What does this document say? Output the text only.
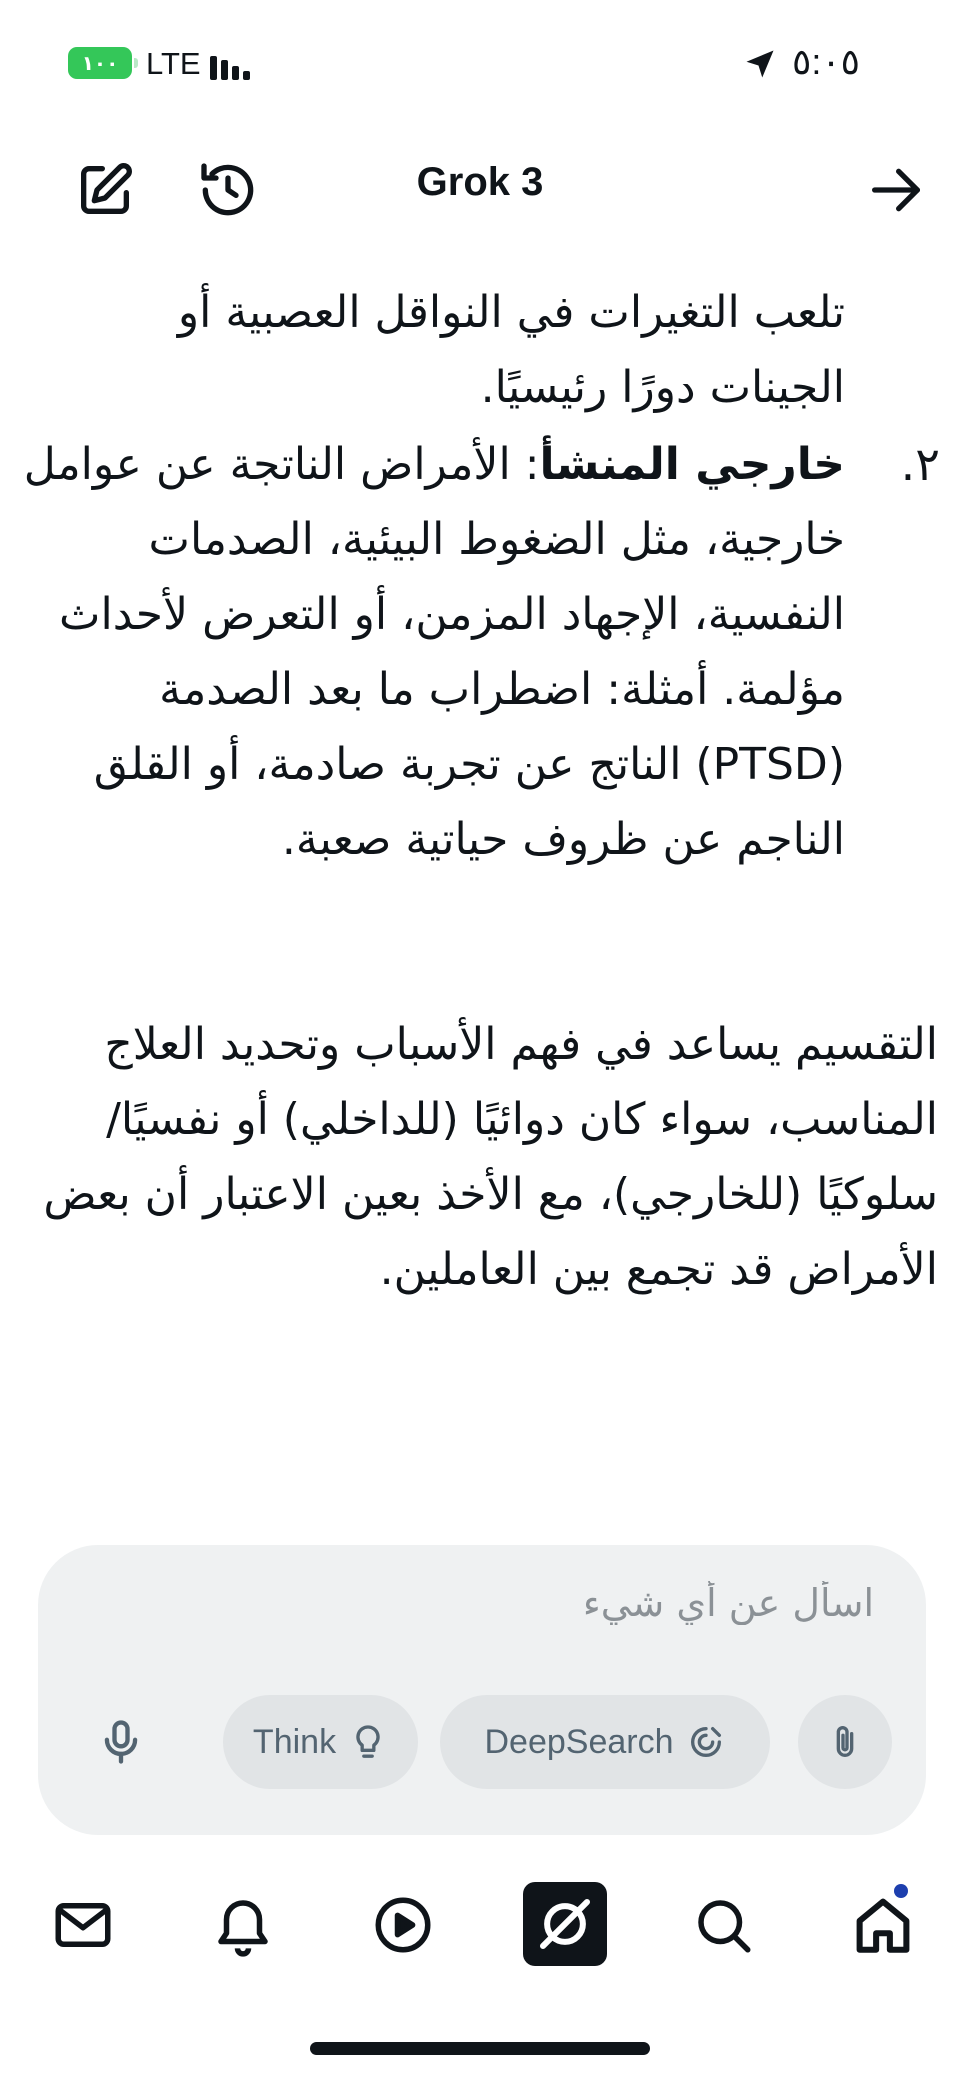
١٠٠ LTE	٥:٠٥
Grok 3

تلعب التغيرات في النواقل العصبية أو الجينات دورًا رئيسيًا.

٢.

خارجي المنشأ: الأمراض الناتجة عن عوامل خارجية، مثل الضغوط البيئية، الصدمات النفسية، الإجهاد المزمن، أو التعرض لأحداث مؤلمة. أمثلة: اضطراب ما بعد الصدمة (PTSD) الناتج عن تجربة صادمة، أو القلق الناجم عن ظروف حياتية صعبة.

التقسيم يساعد في فهم الأسباب وتحديد العلاج المناسب، سواء كان دوائيًا (للداخلي) أو نفسيًا/سلوكيًا (للخارجي)، مع الأخذ بعين الاعتبار أن بعض الأمراض قد تجمع بين العاملين.

اسأل عن أي شيء
DeepSearch
Think
